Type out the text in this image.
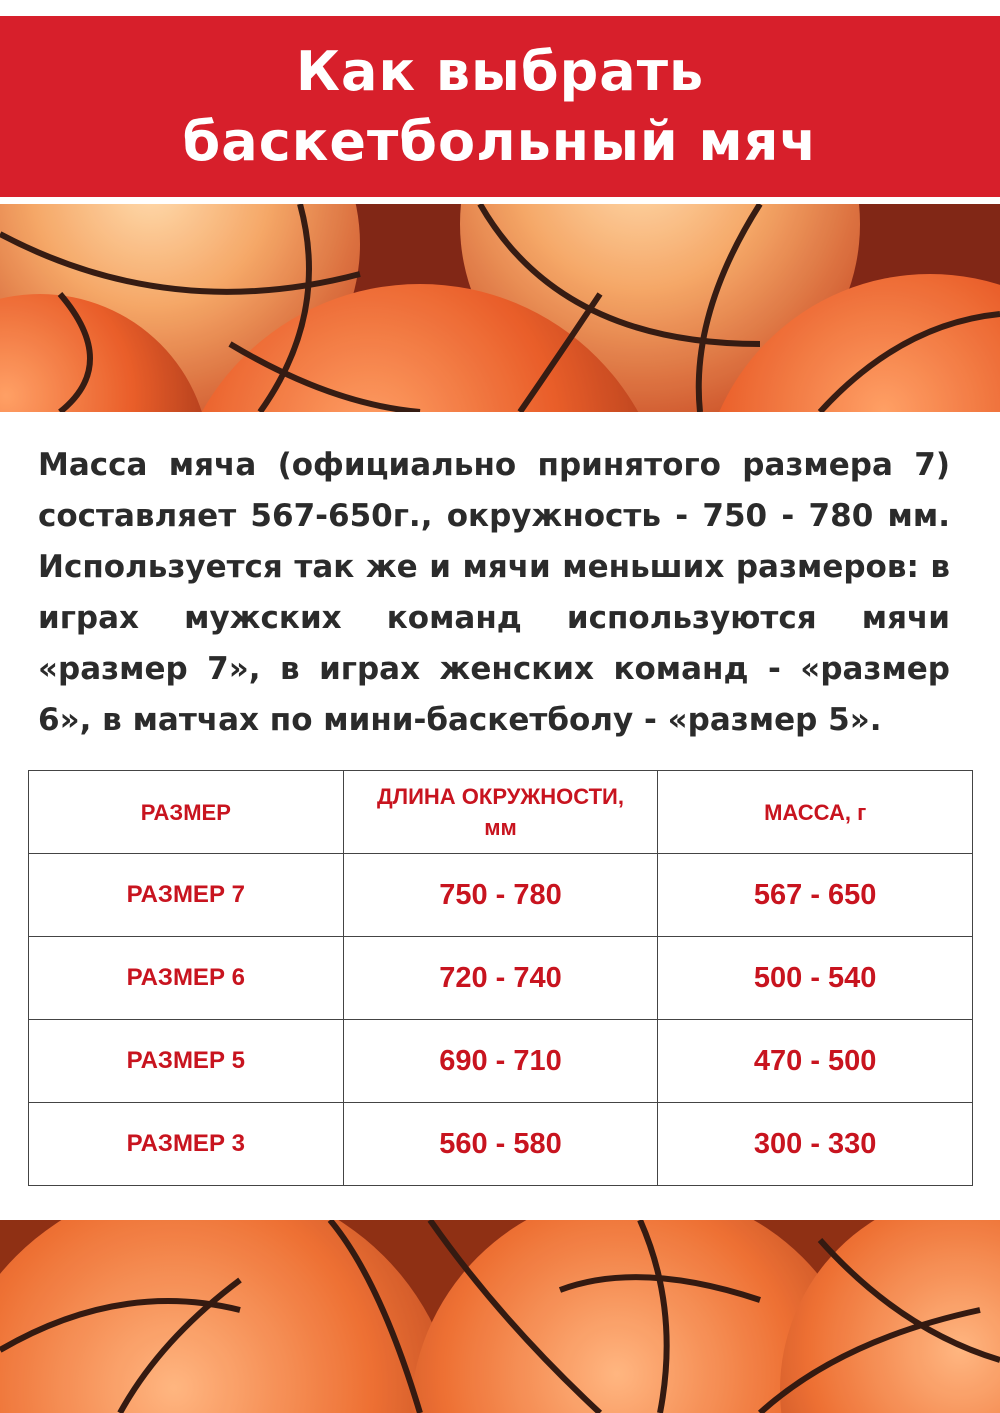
Как выбрать
баскетбольный мяч
Масса мяча (официально принятого размера 7) составляет 567-650г., окружность - 750 - 780 мм. Используется так же и мячи меньших размеров: в играх мужских команд используются мячи «размер 7», в играх женских команд - «размер 6», в матчах по мини-баскетболу - «размер 5».
РАЗМЕР	ДЛИНА ОКРУЖНОСТИ, мм	МАССА, г
РАЗМЕР 7	750 - 780	567 - 650
РАЗМЕР 6	720 - 740	500 - 540
РАЗМЕР 5	690 - 710	470 - 500
РАЗМЕР 3	560 - 580	300 - 330
